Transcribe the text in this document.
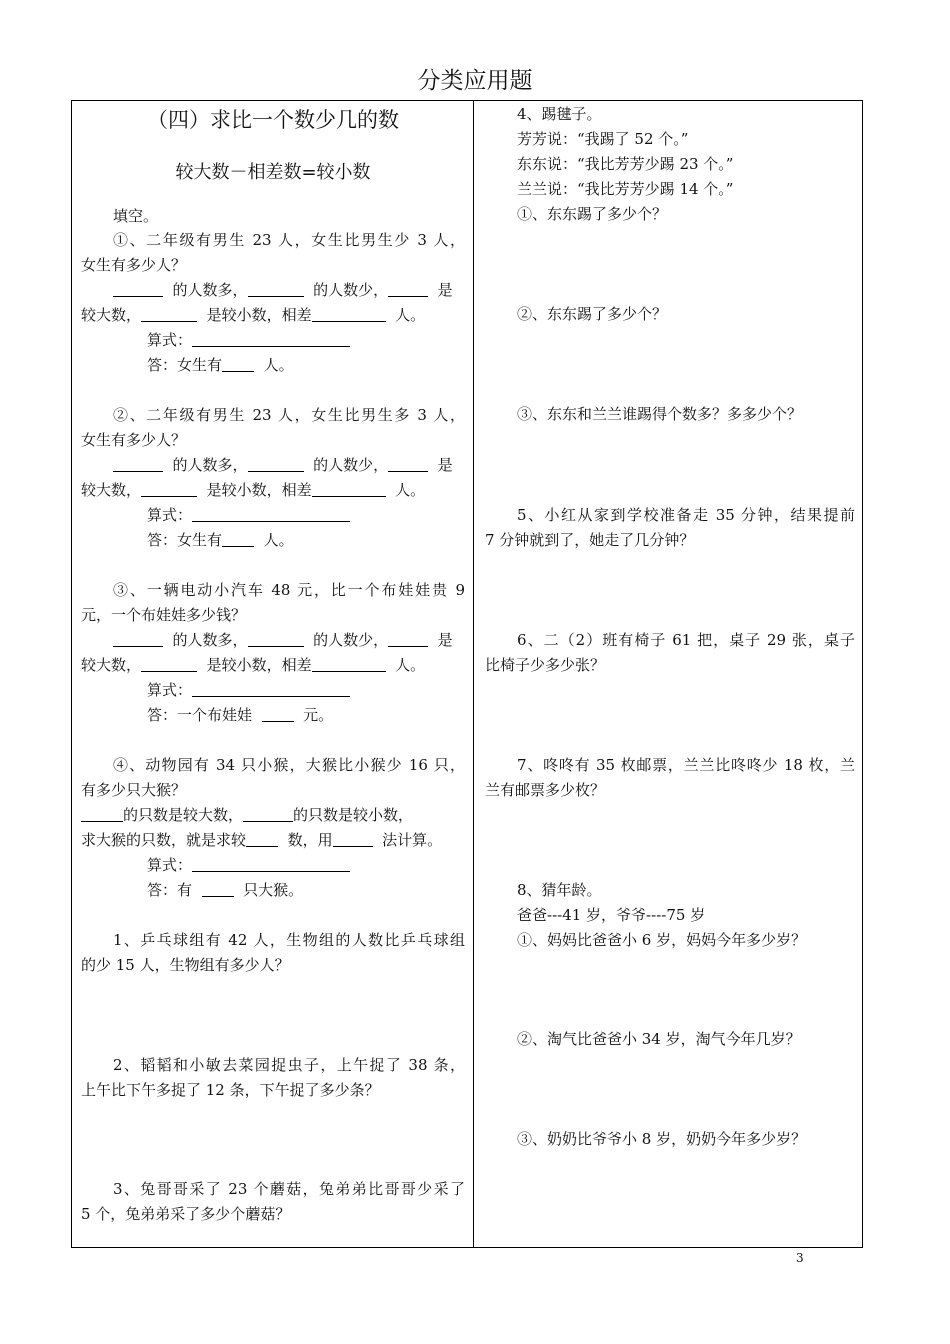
分类应用题
（四）求比一个数少几的数
较大数－相差数=较小数
填空。
①、二年级有男生 23 人，女生比男生少 3 人，
女生有多少人？
的人数多，	的人数少，	是
较大数，	是较小数，相差	人。
算式：
答：女生有	人。
②、二年级有男生 23 人，女生比男生多 3 人，
女生有多少人？
的人数多，	的人数少，	是
较大数，	是较小数，相差	人。
算式：
答：女生有	人。
③、一辆电动小汽车 48 元，比一个布娃娃贵 9
元，一个布娃娃多少钱？
的人数多，	的人数少，	是
较大数，	是较小数，相差	人。
算式：
答：一个布娃娃	元。
④、动物园有 34 只小猴，大猴比小猴少 16 只，
有多少只大猴？
的只数是较大数，	的只数是较小数，
求大猴的只数，就是求较	数，用	法计算。
算式：
答：有	只大猴。
1、乒乓球组有 42 人，生物组的人数比乒乓球组
的少 15 人，生物组有多少人？
2、韬韬和小敏去菜园捉虫子，上午捉了 38 条，
上午比下午多捉了 12 条，下午捉了多少条？
3、兔哥哥采了 23 个蘑菇，兔弟弟比哥哥少采了
5 个，兔弟弟采了多少个蘑菇？
4、踢毽子。
芳芳说：“我踢了 52 个。”
东东说：“我比芳芳少踢 23 个。”
兰兰说：“我比芳芳少踢 14 个。”
①、东东踢了多少个？
②、东东踢了多少个？
③、东东和兰兰谁踢得个数多？多多少个？
5、小红从家到学校准备走 35 分钟，结果提前
7 分钟就到了，她走了几分钟？
6、二（2）班有椅子 61 把，桌子 29 张，桌子
比椅子少多少张？
7、咚咚有 35 枚邮票，兰兰比咚咚少 18 枚，兰
兰有邮票多少枚？
8、猜年龄。
爸爸---41 岁，爷爷----75 岁
①、妈妈比爸爸小 6 岁，妈妈今年多少岁？
②、淘气比爸爸小 34 岁，淘气今年几岁？
③、奶奶比爷爷小 8 岁，奶奶今年多少岁？
3
